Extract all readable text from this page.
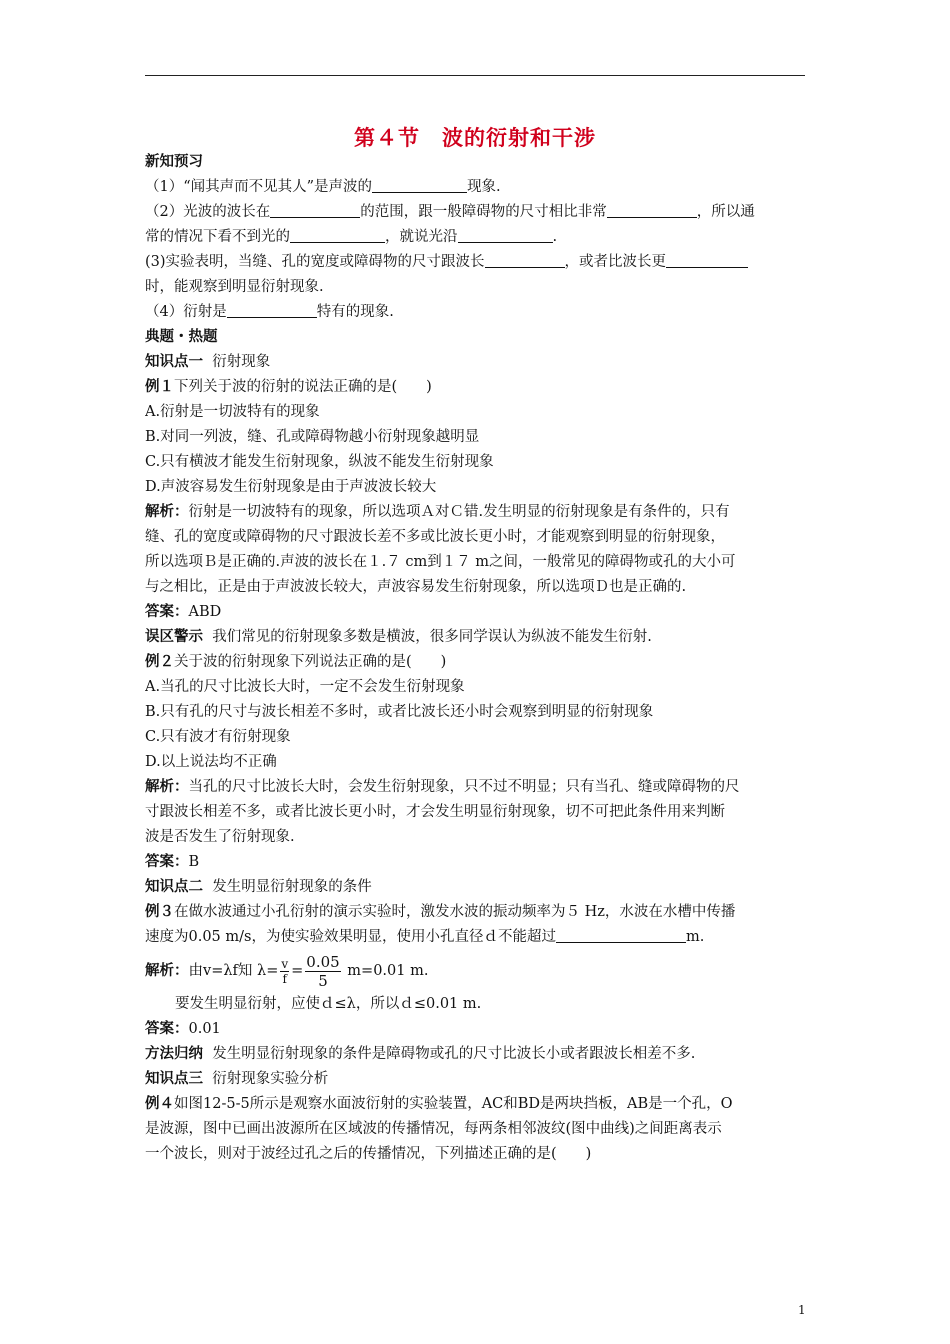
第４节　波的衍射和干涉
新知预习
（1）“闻其声而不见其人”是声波的	现象.
（2）光波的波长在	的范围，跟一般障碍物的尺寸相比非常	，所以通
常的情况下看不到光的	，就说光沿	.
(3)实验表明，当缝、孔的宽度或障碍物的尺寸跟波长	，或者比波长更
时，能观察到明显衍射现象.
（4）衍射是	特有的现象.
典题・热题
知识点一 衍射现象
例１下列关于波的衍射的说法正确的是(　　)
A.衍射是一切波特有的现象
B.对同一列波，缝、孔或障碍物越小衍射现象越明显
C.只有横波才能发生衍射现象，纵波不能发生衍射现象
D.声波容易发生衍射现象是由于声波波长较大
解析：衍射是一切波特有的现象，所以选项Ａ对Ｃ错.发生明显的衍射现象是有条件的，只有
缝、孔的宽度或障碍物的尺寸跟波长差不多或比波长更小时，才能观察到明显的衍射现象，
所以选项Ｂ是正确的.声波的波长在１.７ cm到１７ m之间，一般常见的障碍物或孔的大小可
与之相比，正是由于声波波长较大，声波容易发生衍射现象，所以选项Ｄ也是正确的.
答案：ABD
误区警示 我们常见的衍射现象多数是横波，很多同学误认为纵波不能发生衍射.
例２关于波的衍射现象下列说法正确的是(　　)
A.当孔的尺寸比波长大时，一定不会发生衍射现象
B.只有孔的尺寸与波长相差不多时，或者比波长还小时会观察到明显的衍射现象
C.只有波才有衍射现象
D.以上说法均不正确
解析：当孔的尺寸比波长大时，会发生衍射现象，只不过不明显；只有当孔、缝或障碍物的尺
寸跟波长相差不多，或者比波长更小时，才会发生明显衍射现象，切不可把此条件用来判断
波是否发生了衍射现象.
答案：B
知识点二 发生明显衍射现象的条件
例３在做水波通过小孔衍射的演示实验时，激发水波的振动频率为５ Hz，水波在水槽中传播
速度为0.05 m/s，为使实验效果明显，使用小孔直径ｄ不能超过	m.
解析：由v=λf知 $\lambda= \frac{v}{f} = \frac{0.05}{5} m=0.01$ m.
要发生明显衍射，应使ｄ≤λ，所以ｄ≤0.01 m.
答案：0.01
方法归纳 发生明显衍射现象的条件是障碍物或孔的尺寸比波长小或者跟波长相差不多.
知识点三 衍射现象实验分析
例４如图12-5-5所示是观察水面波衍射的实验装置，AC和BD是两块挡板，AB是一个孔，O
是波源，图中已画出波源所在区域波的传播情况，每两条相邻波纹(图中曲线)之间距离表示
一个波长，则对于波经过孔之后的传播情况，下列描述正确的是(　　)
1
